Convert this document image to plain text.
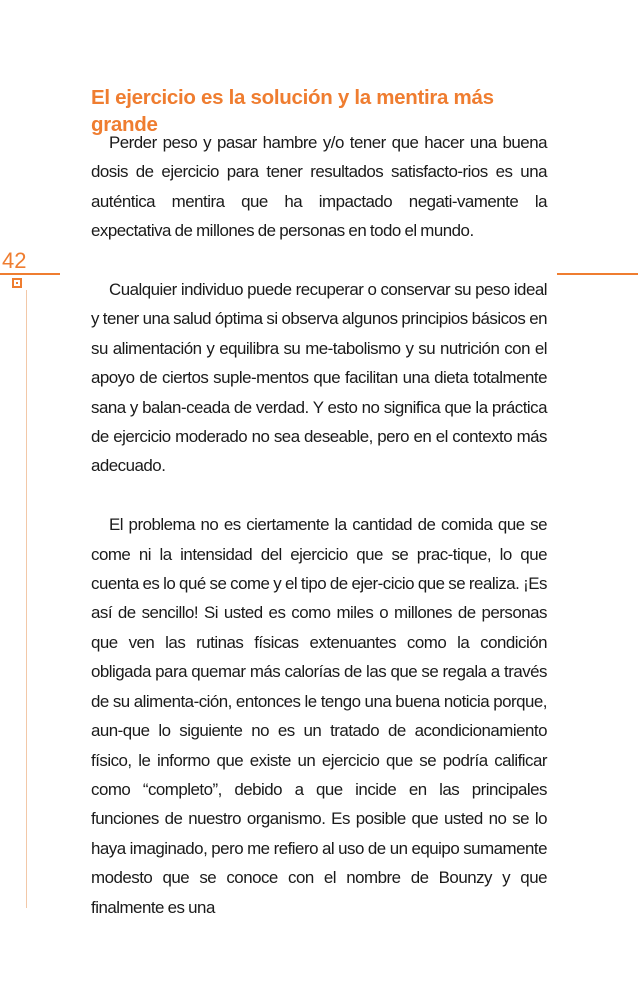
El ejercicio es la solución y la mentira más grande
42

Perder peso y pasar hambre y/o tener que hacer una buena dosis de ejercicio para tener resultados satisfacto-rios es una auténtica mentira que ha impactado negati-vamente la expectativa de millones de personas en todo el mundo.

Cualquier individuo puede recuperar o conservar su peso ideal y tener una salud óptima si observa algunos principios básicos en su alimentación y equilibra su me-tabolismo y su nutrición con el apoyo de ciertos suple-mentos que facilitan una dieta totalmente sana y balan-ceada de verdad. Y esto no significa que la práctica de ejercicio moderado no sea deseable, pero en el contexto más adecuado.

El problema no es ciertamente la cantidad de comida que se come ni la intensidad del ejercicio que se prac-tique, lo que cuenta es lo qué se come y el tipo de ejer-cicio que se realiza. ¡Es así de sencillo! Si usted es como miles o millones de personas que ven las rutinas físicas extenuantes como la condición obligada para quemar más calorías de las que se regala a través de su alimenta-ción, entonces le tengo una buena noticia porque, aun-que lo siguiente no es un tratado de acondicionamiento físico, le informo que existe un ejercicio que se podría calificar como “completo”, debido a que incide en las principales funciones de nuestro organismo. Es posible que usted no se lo haya imaginado, pero me refiero al uso de un equipo sumamente modesto que se conoce con el nombre de Bounzy y que finalmente es una
